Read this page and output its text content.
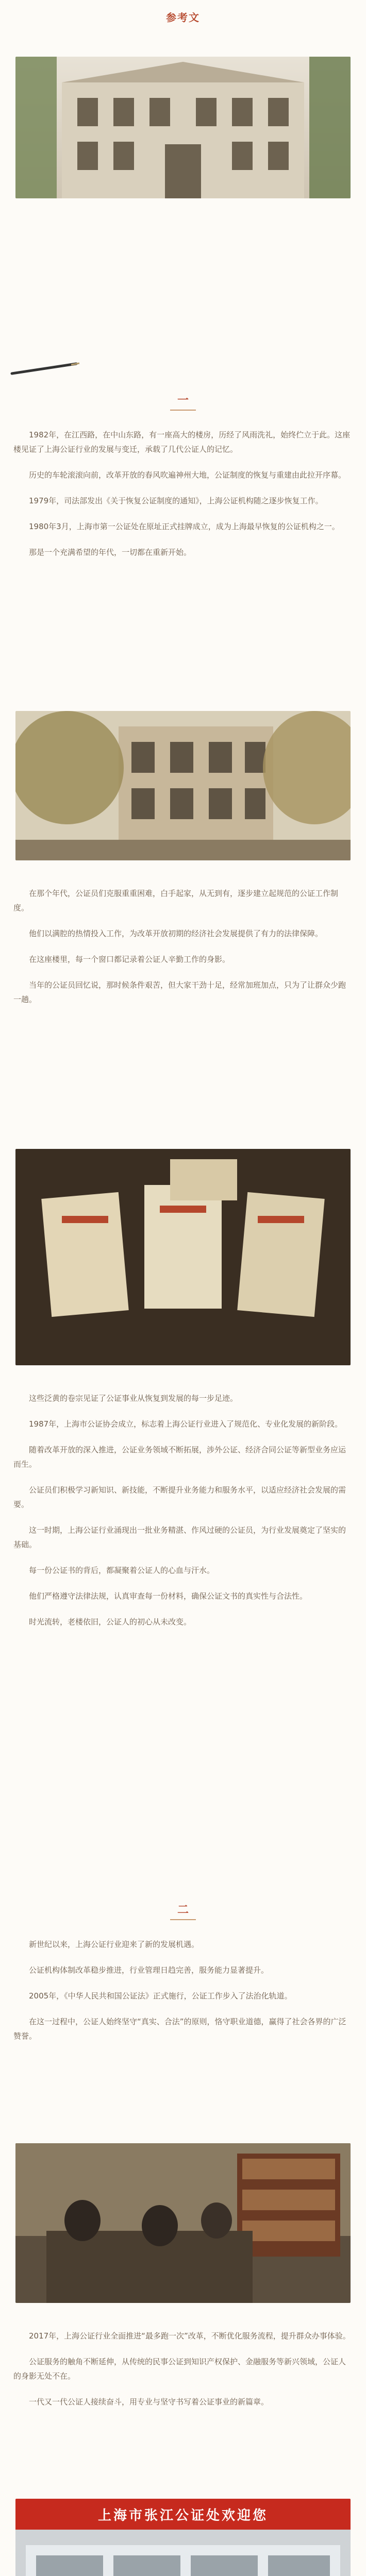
参考文
一

1982年，在江西路，在中山东路，有一座高大的楼房，历经了风雨洗礼，始终伫立于此。这座楼见证了上海公证行业的发展与变迁，承载了几代公证人的记忆。

历史的车轮滚滚向前，改革开放的春风吹遍神州大地，公证制度的恢复与重建由此拉开序幕。

1979年，司法部发出《关于恢复公证制度的通知》，上海公证机构随之逐步恢复工作。

1980年3月，上海市第一公证处在原址正式挂牌成立，成为上海最早恢复的公证机构之一。

那是一个充满希望的年代，一切都在重新开始。

在那个年代，公证员们克服重重困难，白手起家，从无到有，逐步建立起规范的公证工作制度。

他们以满腔的热情投入工作，为改革开放初期的经济社会发展提供了有力的法律保障。

在这座楼里，每一个窗口都记录着公证人辛勤工作的身影。

当年的公证员回忆说，那时候条件艰苦，但大家干劲十足，经常加班加点，只为了让群众少跑一趟。

这些泛黄的卷宗见证了公证事业从恢复到发展的每一步足迹。

1987年，上海市公证协会成立，标志着上海公证行业进入了规范化、专业化发展的新阶段。

随着改革开放的深入推进，公证业务领域不断拓展，涉外公证、经济合同公证等新型业务应运而生。

公证员们积极学习新知识、新技能，不断提升业务能力和服务水平，以适应经济社会发展的需要。

这一时期，上海公证行业涌现出一批业务精湛、作风过硬的公证员，为行业发展奠定了坚实的基础。

每一份公证书的背后，都凝聚着公证人的心血与汗水。

他们严格遵守法律法规，认真审查每一份材料，确保公证文书的真实性与合法性。

时光流转，老楼依旧，公证人的初心从未改变。

二

新世纪以来，上海公证行业迎来了新的发展机遇。

公证机构体制改革稳步推进，行业管理日趋完善，服务能力显著提升。

2005年，《中华人民共和国公证法》正式施行，公证工作步入了法治化轨道。

在这一过程中，公证人始终坚守“真实、合法”的原则，恪守职业道德，赢得了社会各界的广泛赞誉。

2017年，上海公证行业全面推进“最多跑一次”改革，不断优化服务流程，提升群众办事体验。

公证服务的触角不断延伸，从传统的民事公证到知识产权保护、金融服务等新兴领域，公证人的身影无处不在。

一代又一代公证人接续奋斗，用专业与坚守书写着公证事业的新篇章。

上海市张江公证处欢迎您
